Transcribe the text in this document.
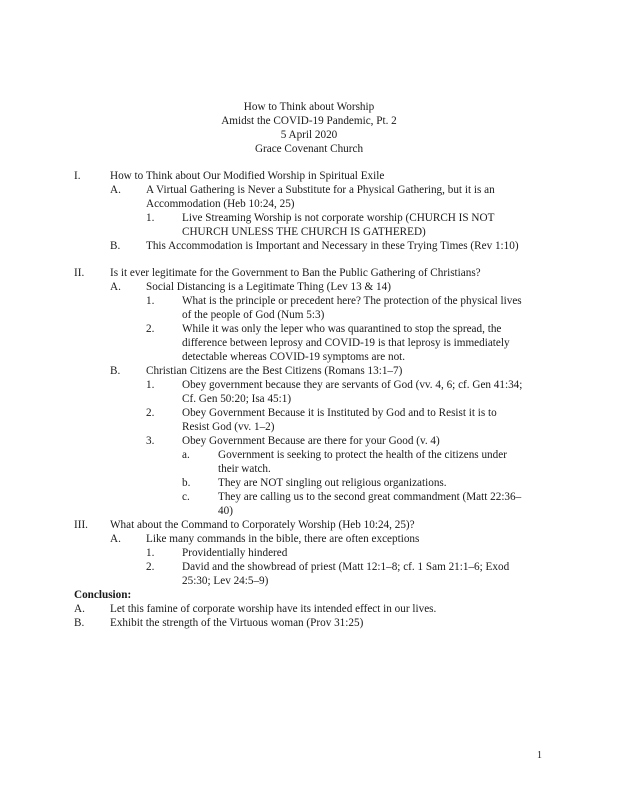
How to Think about Worship
Amidst the COVID-19 Pandemic, Pt. 2
5 April 2020
Grace Covenant Church
I.	How to Think about Our Modified Worship in Spiritual Exile
A. A Virtual Gathering is Never a Substitute for a Physical Gathering, but it is an
Accommodation (Heb 10:24, 25)
1. Live Streaming Worship is not corporate worship (CHURCH IS NOT
CHURCH UNLESS THE CHURCH IS GATHERED)
B. This Accommodation is Important and Necessary in these Trying Times (Rev 1:10)
II. Is it ever legitimate for the Government to Ban the Public Gathering of Christians?
A. Social Distancing is a Legitimate Thing (Lev 13 & 14)
1. What is the principle or precedent here? The protection of the physical lives
of the people of God (Num 5:3)
2. While it was only the leper who was quarantined to stop the spread, the
difference between leprosy and COVID-19 is that leprosy is immediately
detectable whereas COVID-19 symptoms are not.
B. Christian Citizens are the Best Citizens (Romans 13:1–7)
1. Obey government because they are servants of God (vv. 4, 6; cf. Gen 41:34;
Cf. Gen 50:20; Isa 45:1)
2. Obey Government Because it is Instituted by God and to Resist it is to
Resist God (vv. 1–2)
3. Obey Government Because are there for your Good (v. 4)
a.	Government is seeking to protect the health of the citizens under
their watch.
b. They are NOT singling out religious organizations.
c.	They are calling us to the second great commandment (Matt 22:36–
40)
III. What about the Command to Corporately Worship (Heb 10:24, 25)?
A. Like many commands in the bible, there are often exceptions
1. Providentially hindered
2. David and the showbread of priest (Matt 12:1–8; cf. 1 Sam 21:1–6; Exod
25:30; Lev 24:5–9)
Conclusion:
A. Let this famine of corporate worship have its intended effect in our lives.
B. Exhibit the strength of the Virtuous woman (Prov 31:25)
1
